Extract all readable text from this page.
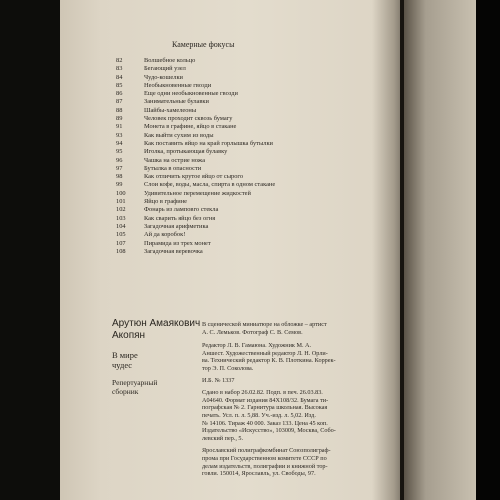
Камерные фокусы
82	Волшебное кольцо
83	Бегающий узел
84	Чудо-кошелки
85	Необыкновенные гвозди
86	Еще одни необыкновенные гвозди
87	Занимательные булавки
88	Шайбы-хамелеоны
89	Человек проходит сквозь бумагу
91	Монета в графине, яйцо в стакане
93	Как выйти сухим из воды
94	Как поставить яйцо на край горлышка бутылки
95	Иголка, протыкающая булавку
96	Чашка на острие ножа
97	Бутылка в опасности
98	Как отличить крутое яйцо от сырого
99	Слои кофе, воды, масла, спирта в одном стакане
100	Удивительное перемещение жидкостей
101	Яйцо в графине
102	Фонарь из ламповго стекла
103	Как сварить яйцо без огня
104	Загадочная арифметика
105	Ай да коробок!
107	Пирамида из трех монет
108	Загадочная веревочка
Арутюн Амаякович
Акопян
В мире
чудес
Репертуарный
сборник

В сценической миниатюре на обложке – артист
А. С. Лемьков. Фотограф С. В. Семов.

Редактор Л. В. Гамаюна. Художник М. А.
Аншест. Художественный редактор Л. Н. Орли-
ва. Технический редактор К. В. Плоткина. Коррек-
тор Э. П. Соколова.

И.Б. № 1337

Сдано в набор 26.02.82. Подп. в печ. 26.03.83.
А04640. Формат издания 84Х108/32. Бумага ти-
пографская № 2. Гарнитура школьная. Высокая
печать. Усл. п. л. 5,88. Уч.-изд. л. 5,02. Изд.
№ 14106. Тираж 40 000. Заказ 133. Цена 45 коп.
Издательство «Искусство», 103009, Москва, Собо-
левский пер., 5.

Ярославский полиграфкомбинат Союзполиграф-
прома при Государственном комитете СССР по
делам издательств, полиграфии и книжной тор-
говли. 150014, Ярославль, ул. Свободы, 97.
